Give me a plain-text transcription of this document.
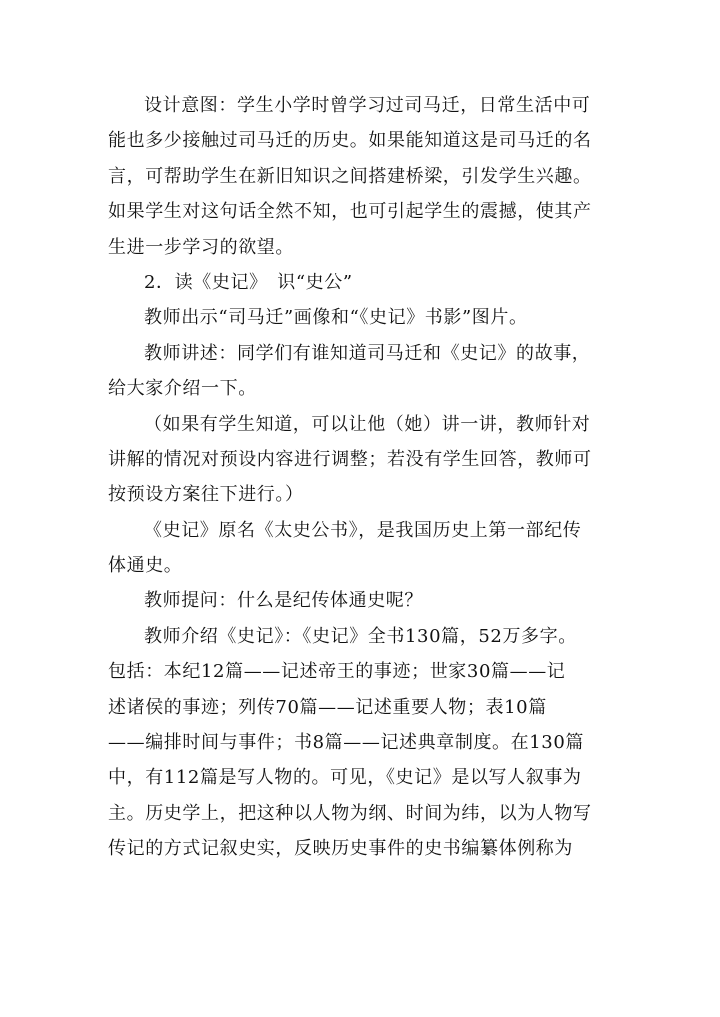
设计意图：学生小学时曾学习过司马迁，日常生活中可
能也多少接触过司马迁的历史。如果能知道这是司马迁的名
言，可帮助学生在新旧知识之间搭建桥梁，引发学生兴趣。
如果学生对这句话全然不知，也可引起学生的震撼，使其产
生进一步学习的欲望。
2．读《史记》　识“史公”
教师出示“司马迁”画像和“《史记》书影”图片。
教师讲述：同学们有谁知道司马迁和《史记》的故事，
给大家介绍一下。
（如果有学生知道，可以让他（她）讲一讲，教师针对
讲解的情况对预设内容进行调整；若没有学生回答，教师可
按预设方案往下进行。）
《史记》原名《太史公书》，是我国历史上第一部纪传
体通史。
教师提问：什么是纪传体通史呢？
教师介绍《史记》：《史记》全书130篇，52万多字。
包括：本纪12篇——记述帝王的事迹；世家30篇——记
述诸侯的事迹；列传70篇——记述重要人物；表10篇
——编排时间与事件；书8篇——记述典章制度。在130篇
中，有112篇是写人物的。可见，《史记》是以写人叙事为
主。历史学上，把这种以人物为纲、时间为纬，以为人物写
传记的方式记叙史实，反映历史事件的史书编纂体例称为
